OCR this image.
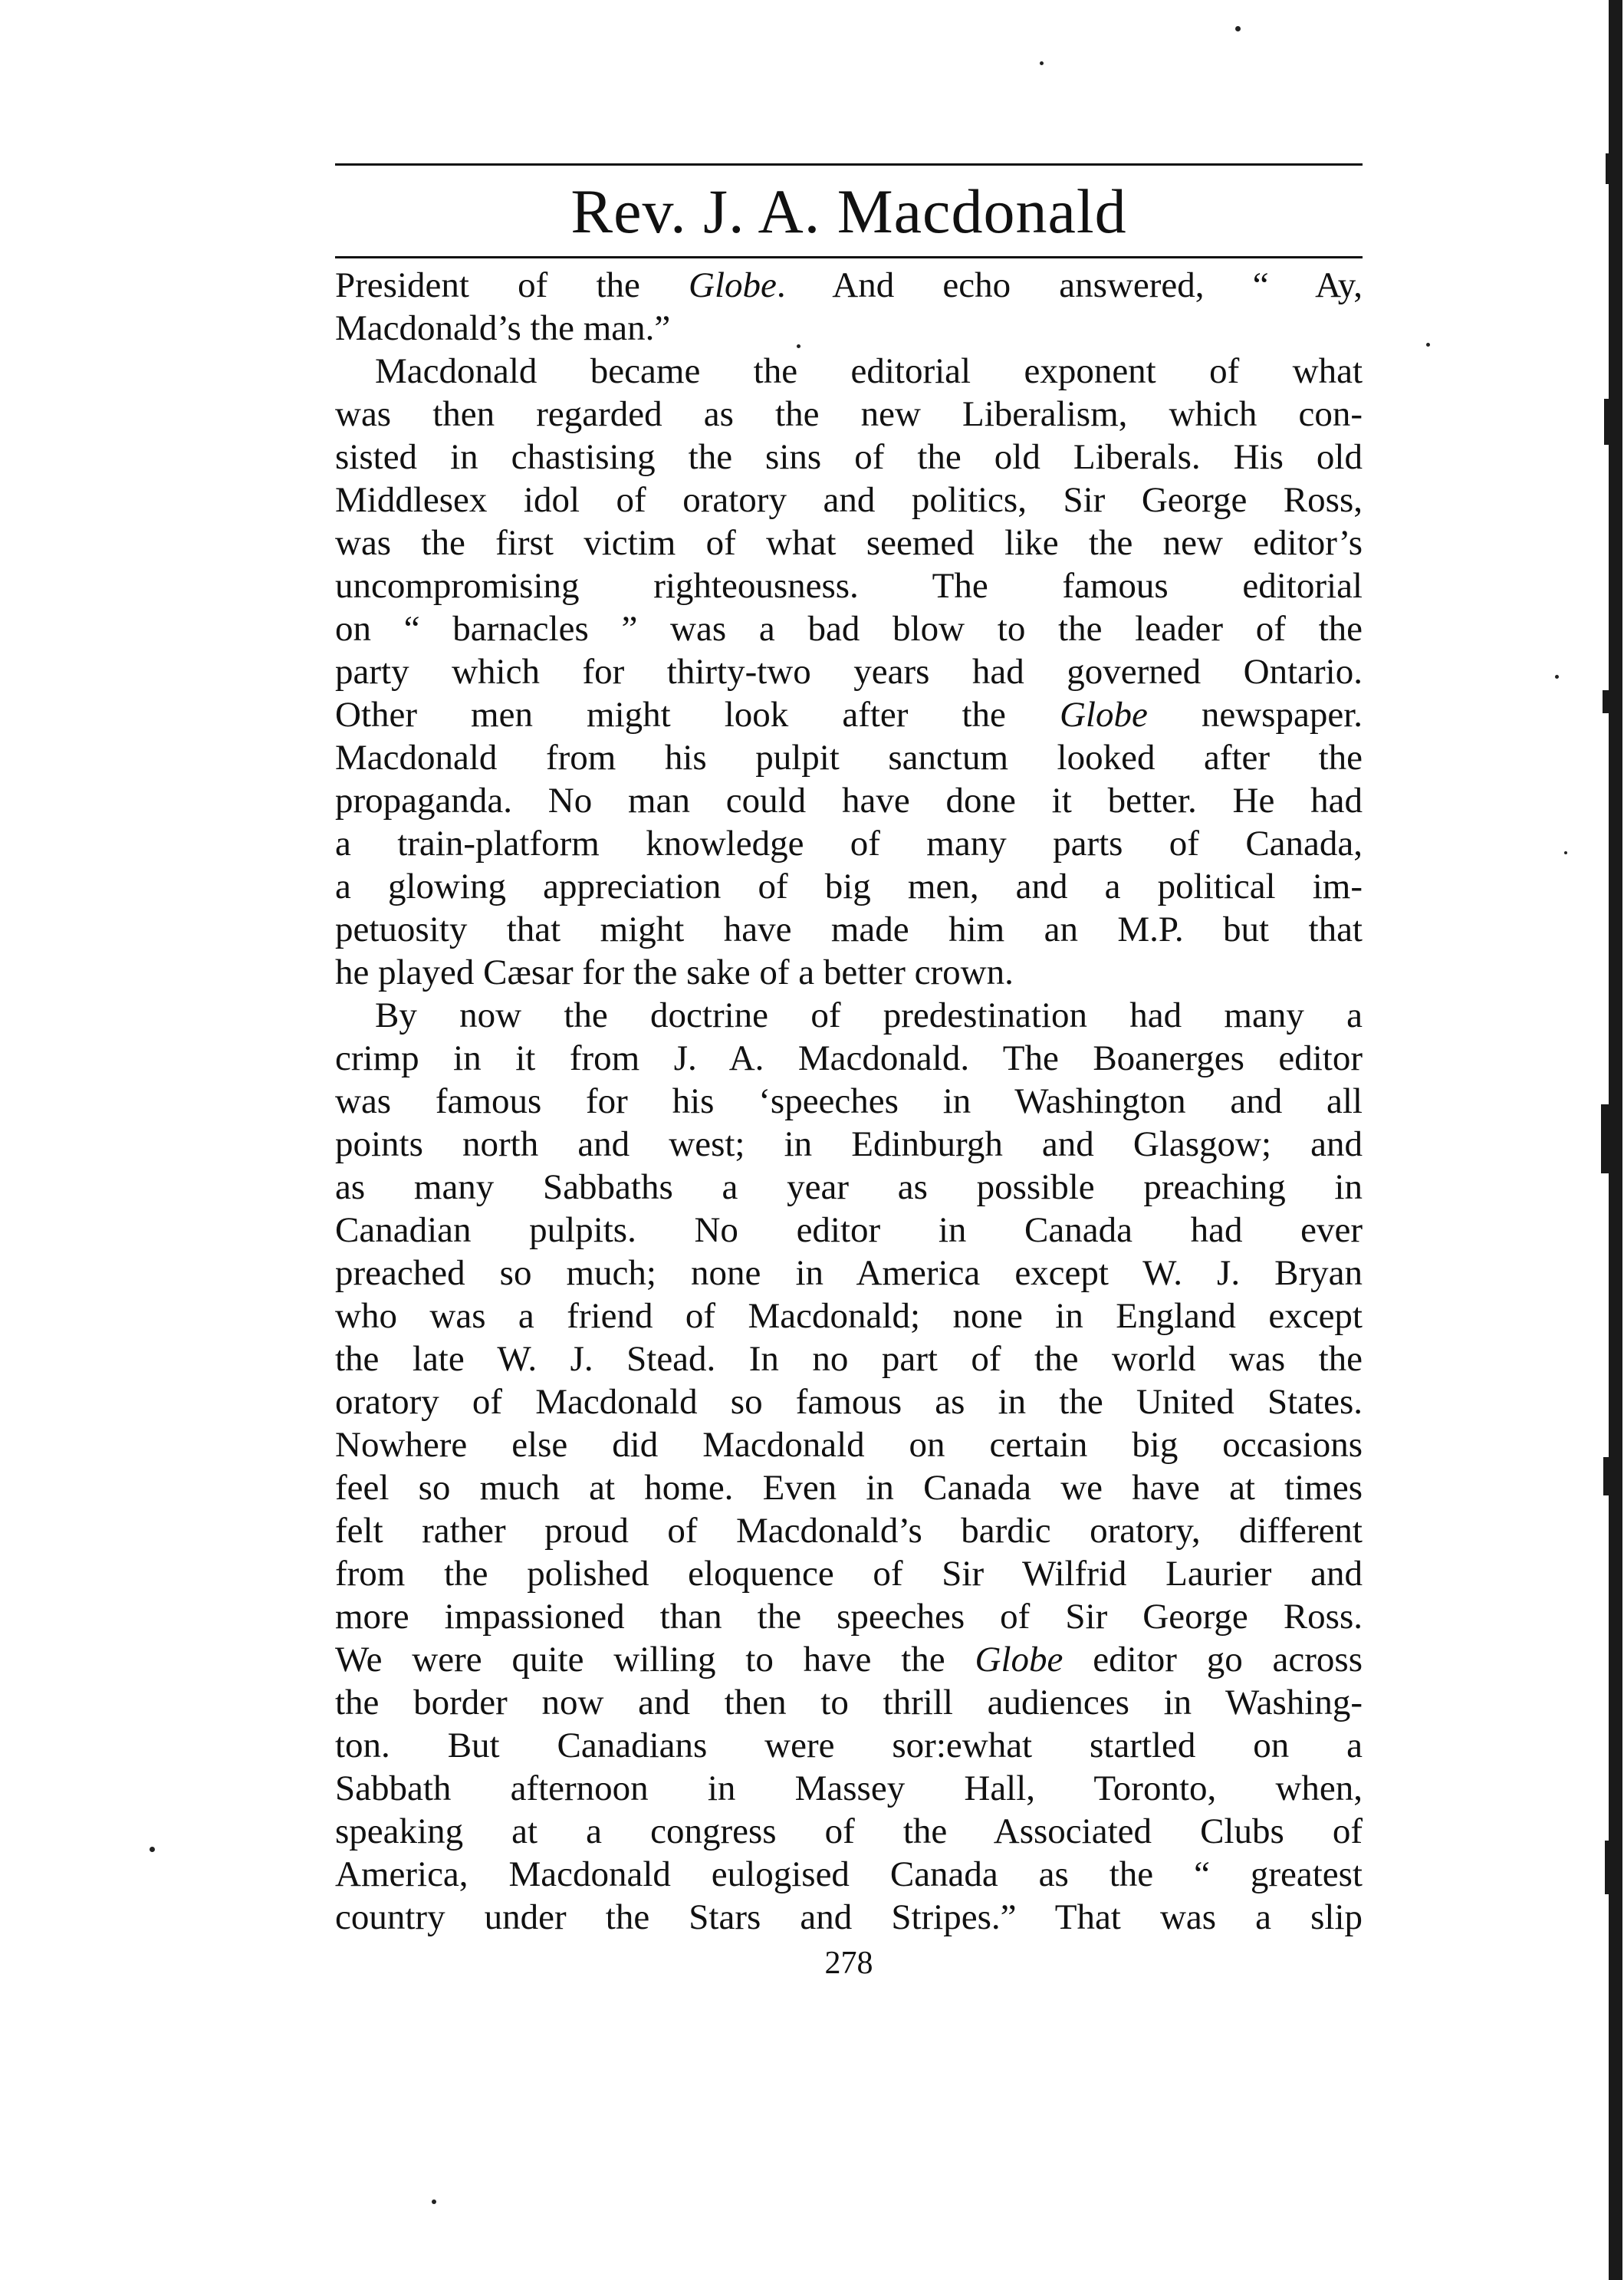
Rev. J. A. Macdonald
President of the Globe. And echo answered, “ Ay,
Macdonald’s the man.”
Macdonald became the editorial exponent of what
was then regarded as the new Liberalism, which con-
sisted in chastising the sins of the old Liberals. His old
Middlesex idol of oratory and politics, Sir George Ross,
was the first victim of what seemed like the new editor’s
uncompromising righteousness. The famous editorial
on “ barnacles ” was a bad blow to the leader of the
party which for thirty-two years had governed Ontario.
Other men might look after the Globe newspaper.
Macdonald from his pulpit sanctum looked after the
propaganda. No man could have done it better. He had
a train-platform knowledge of many parts of Canada,
a glowing appreciation of big men, and a political im-
petuosity that might have made him an M.P. but that
he played Cæsar for the sake of a better crown.
By now the doctrine of predestination had many a
crimp in it from J. A. Macdonald. The Boanerges editor
was famous for his ‘speeches in Washington and all
points north and west; in Edinburgh and Glasgow; and
as many Sabbaths a year as possible preaching in
Canadian pulpits. No editor in Canada had ever
preached so much; none in America except W. J. Bryan
who was a friend of Macdonald; none in England except
the late W. J. Stead. In no part of the world was the
oratory of Macdonald so famous as in the United States.
Nowhere else did Macdonald on certain big occasions
feel so much at home. Even in Canada we have at times
felt rather proud of Macdonald’s bardic oratory, different
from the polished eloquence of Sir Wilfrid Laurier and
more impassioned than the speeches of Sir George Ross.
We were quite willing to have the Globe editor go across
the border now and then to thrill audiences in Washing-
ton. But Canadians were sor:ewhat startled on a
Sabbath afternoon in Massey Hall, Toronto, when,
speaking at a congress of the Associated Clubs of
America, Macdonald eulogised Canada as the “ greatest
country under the Stars and Stripes.” That was a slip
278
